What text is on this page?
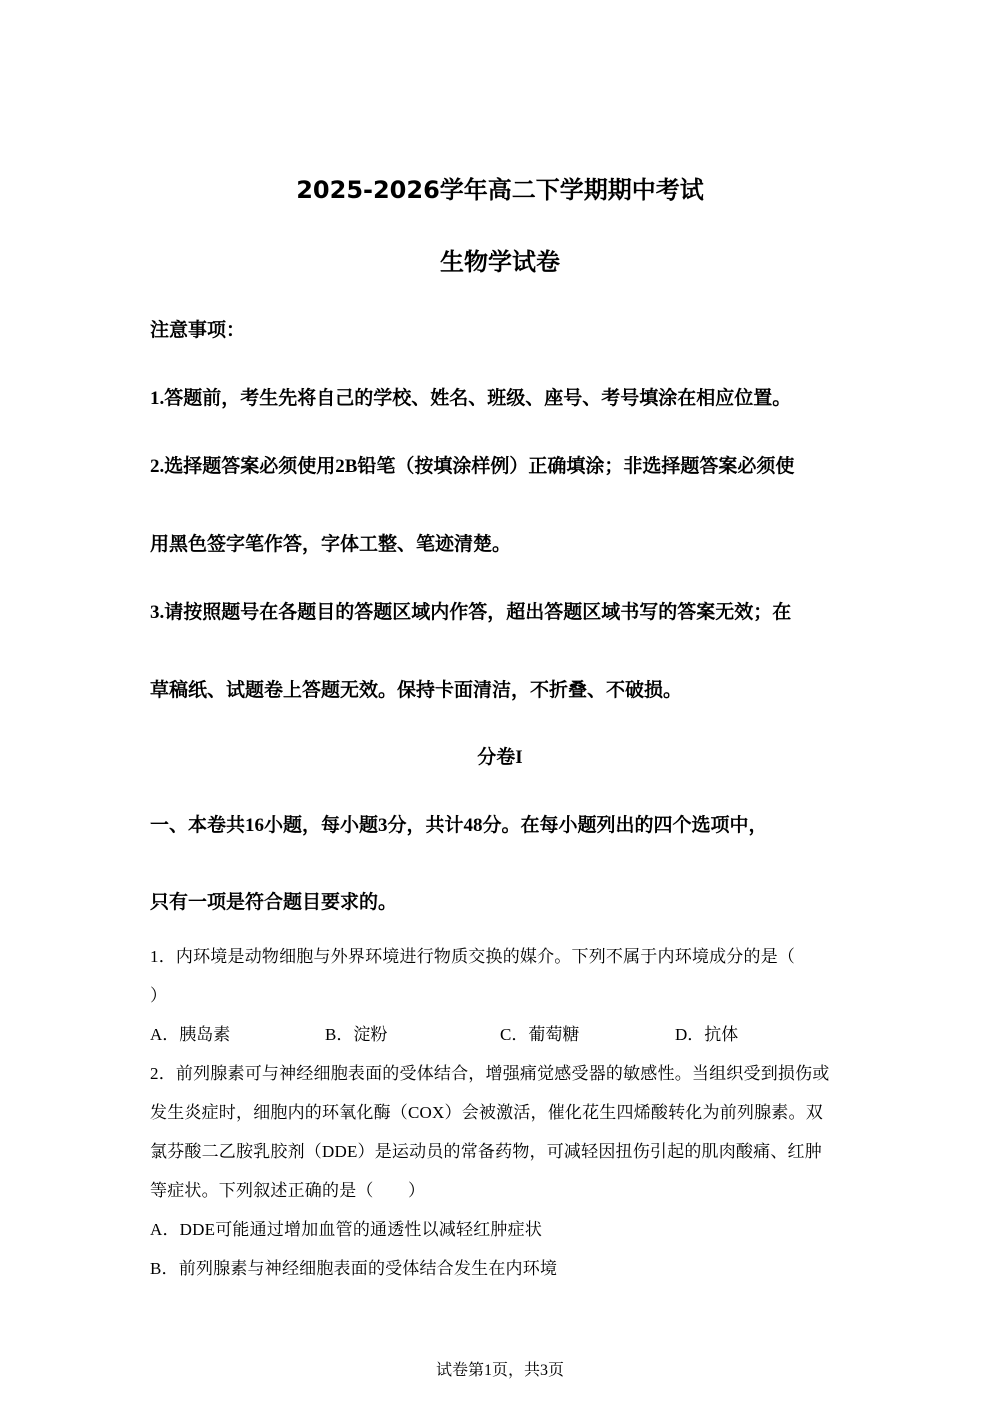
2025-2026学年高二下学期期中考试
生物学试卷
注意事项：
1.答题前，考生先将自己的学校、姓名、班级、座号、考号填涂在相应位置。
2.选择题答案必须使用2B铅笔（按填涂样例）正确填涂；非选择题答案必须使
用黑色签字笔作答，字体工整、笔迹清楚。
3.请按照题号在各题目的答题区域内作答，超出答题区域书写的答案无效；在
草稿纸、试题卷上答题无效。保持卡面清洁，不折叠、不破损。
分卷I
一、本卷共16小题，每小题3分，共计48分。在每小题列出的四个选项中，
只有一项是符合题目要求的。
1．内环境是动物细胞与外界环境进行物质交换的媒介。下列不属于内环境成分的是（
）
A．胰岛素	B．淀粉	C．葡萄糖	D．抗体
2．前列腺素可与神经细胞表面的受体结合，增强痛觉感受器的敏感性。当组织受到损伤或
发生炎症时，细胞内的环氧化酶（COX）会被激活，催化花生四烯酸转化为前列腺素。双
氯芬酸二乙胺乳胶剂（DDE）是运动员的常备药物，可减轻因扭伤引起的肌肉酸痛、红肿
等症状。下列叙述正确的是（　　）
A．DDE可能通过增加血管的通透性以减轻红肿症状
B．前列腺素与神经细胞表面的受体结合发生在内环境
试卷第1页，共3页
